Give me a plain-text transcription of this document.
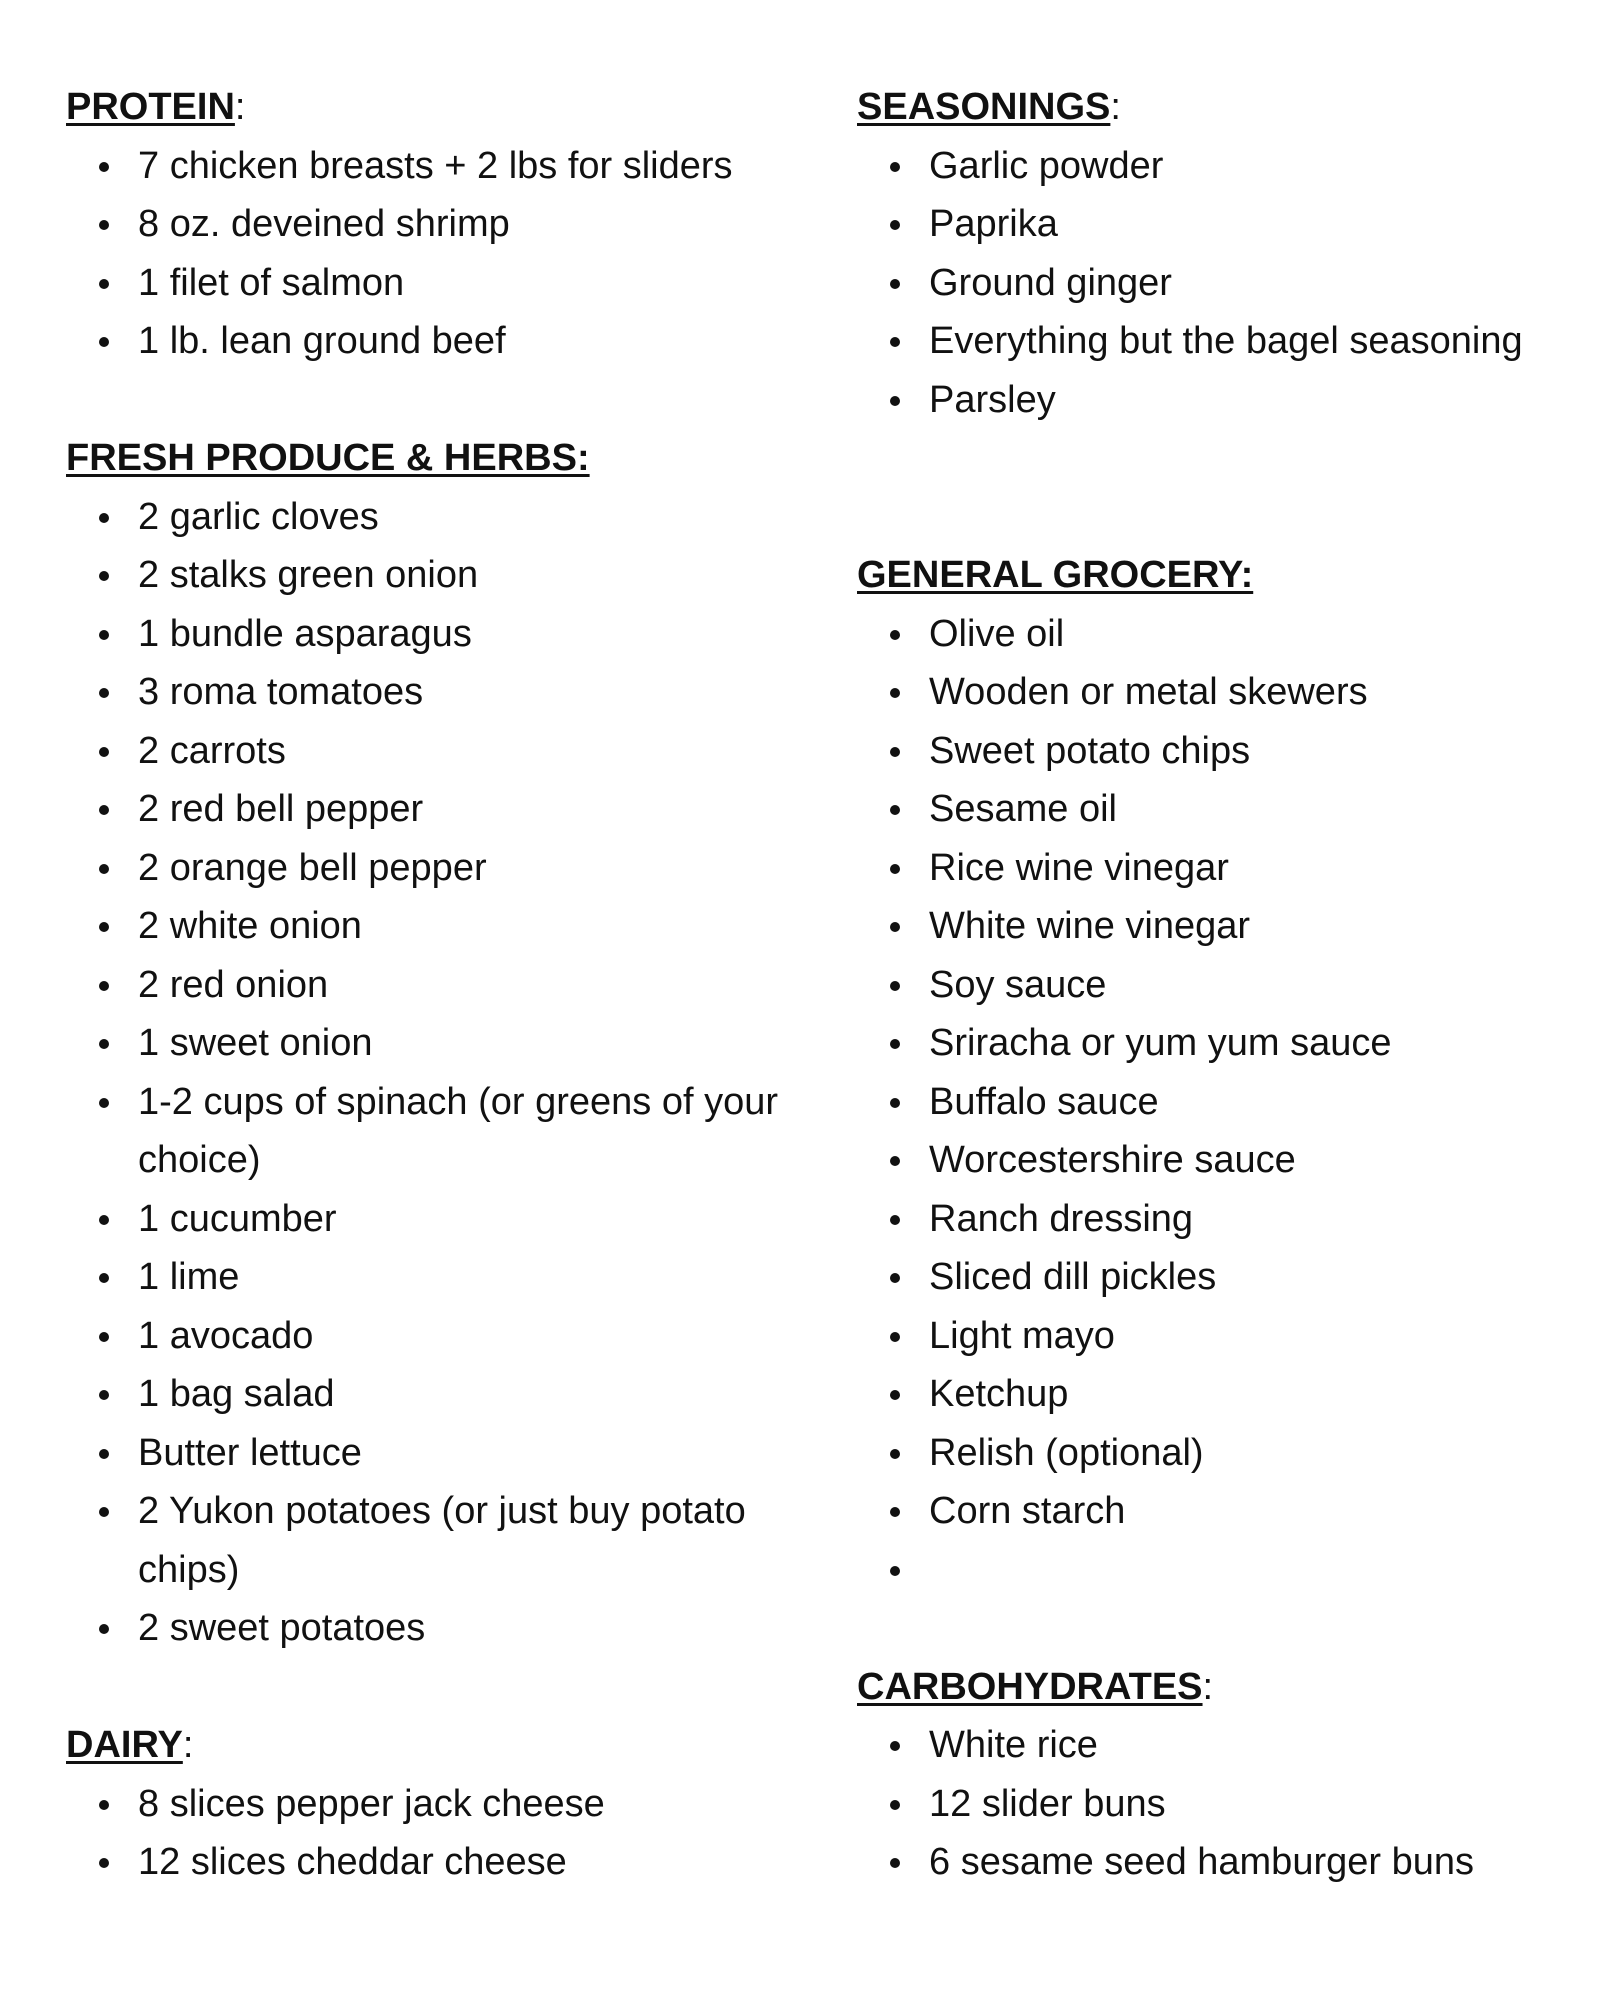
PROTEIN:
7 chicken breasts + 2 lbs for sliders
8 oz. deveined shrimp
1 filet of salmon
1 lb. lean ground beef
FRESH PRODUCE & HERBS:
2 garlic cloves
2 stalks green onion
1 bundle asparagus
3 roma tomatoes
2 carrots
2 red bell pepper
2 orange bell pepper
2 white onion
2 red onion
1 sweet onion
1-2 cups of spinach (or greens of your choice)
1 cucumber
1 lime
1 avocado
1 bag salad
Butter lettuce
2 Yukon potatoes (or just buy potato chips)
2 sweet potatoes
DAIRY:
8 slices pepper jack cheese
12 slices cheddar cheese
SEASONINGS:
Garlic powder
Paprika
Ground ginger
Everything but the bagel seasoning
Parsley
GENERAL GROCERY:
Olive oil
Wooden or metal skewers
Sweet potato chips
Sesame oil
Rice wine vinegar
White wine vinegar
Soy sauce
Sriracha or yum yum sauce
Buffalo sauce
Worcestershire sauce
Ranch dressing
Sliced dill pickles
Light mayo
Ketchup
Relish (optional)
Corn starch
CARBOHYDRATES:
White rice
12 slider buns
6 sesame seed hamburger buns
